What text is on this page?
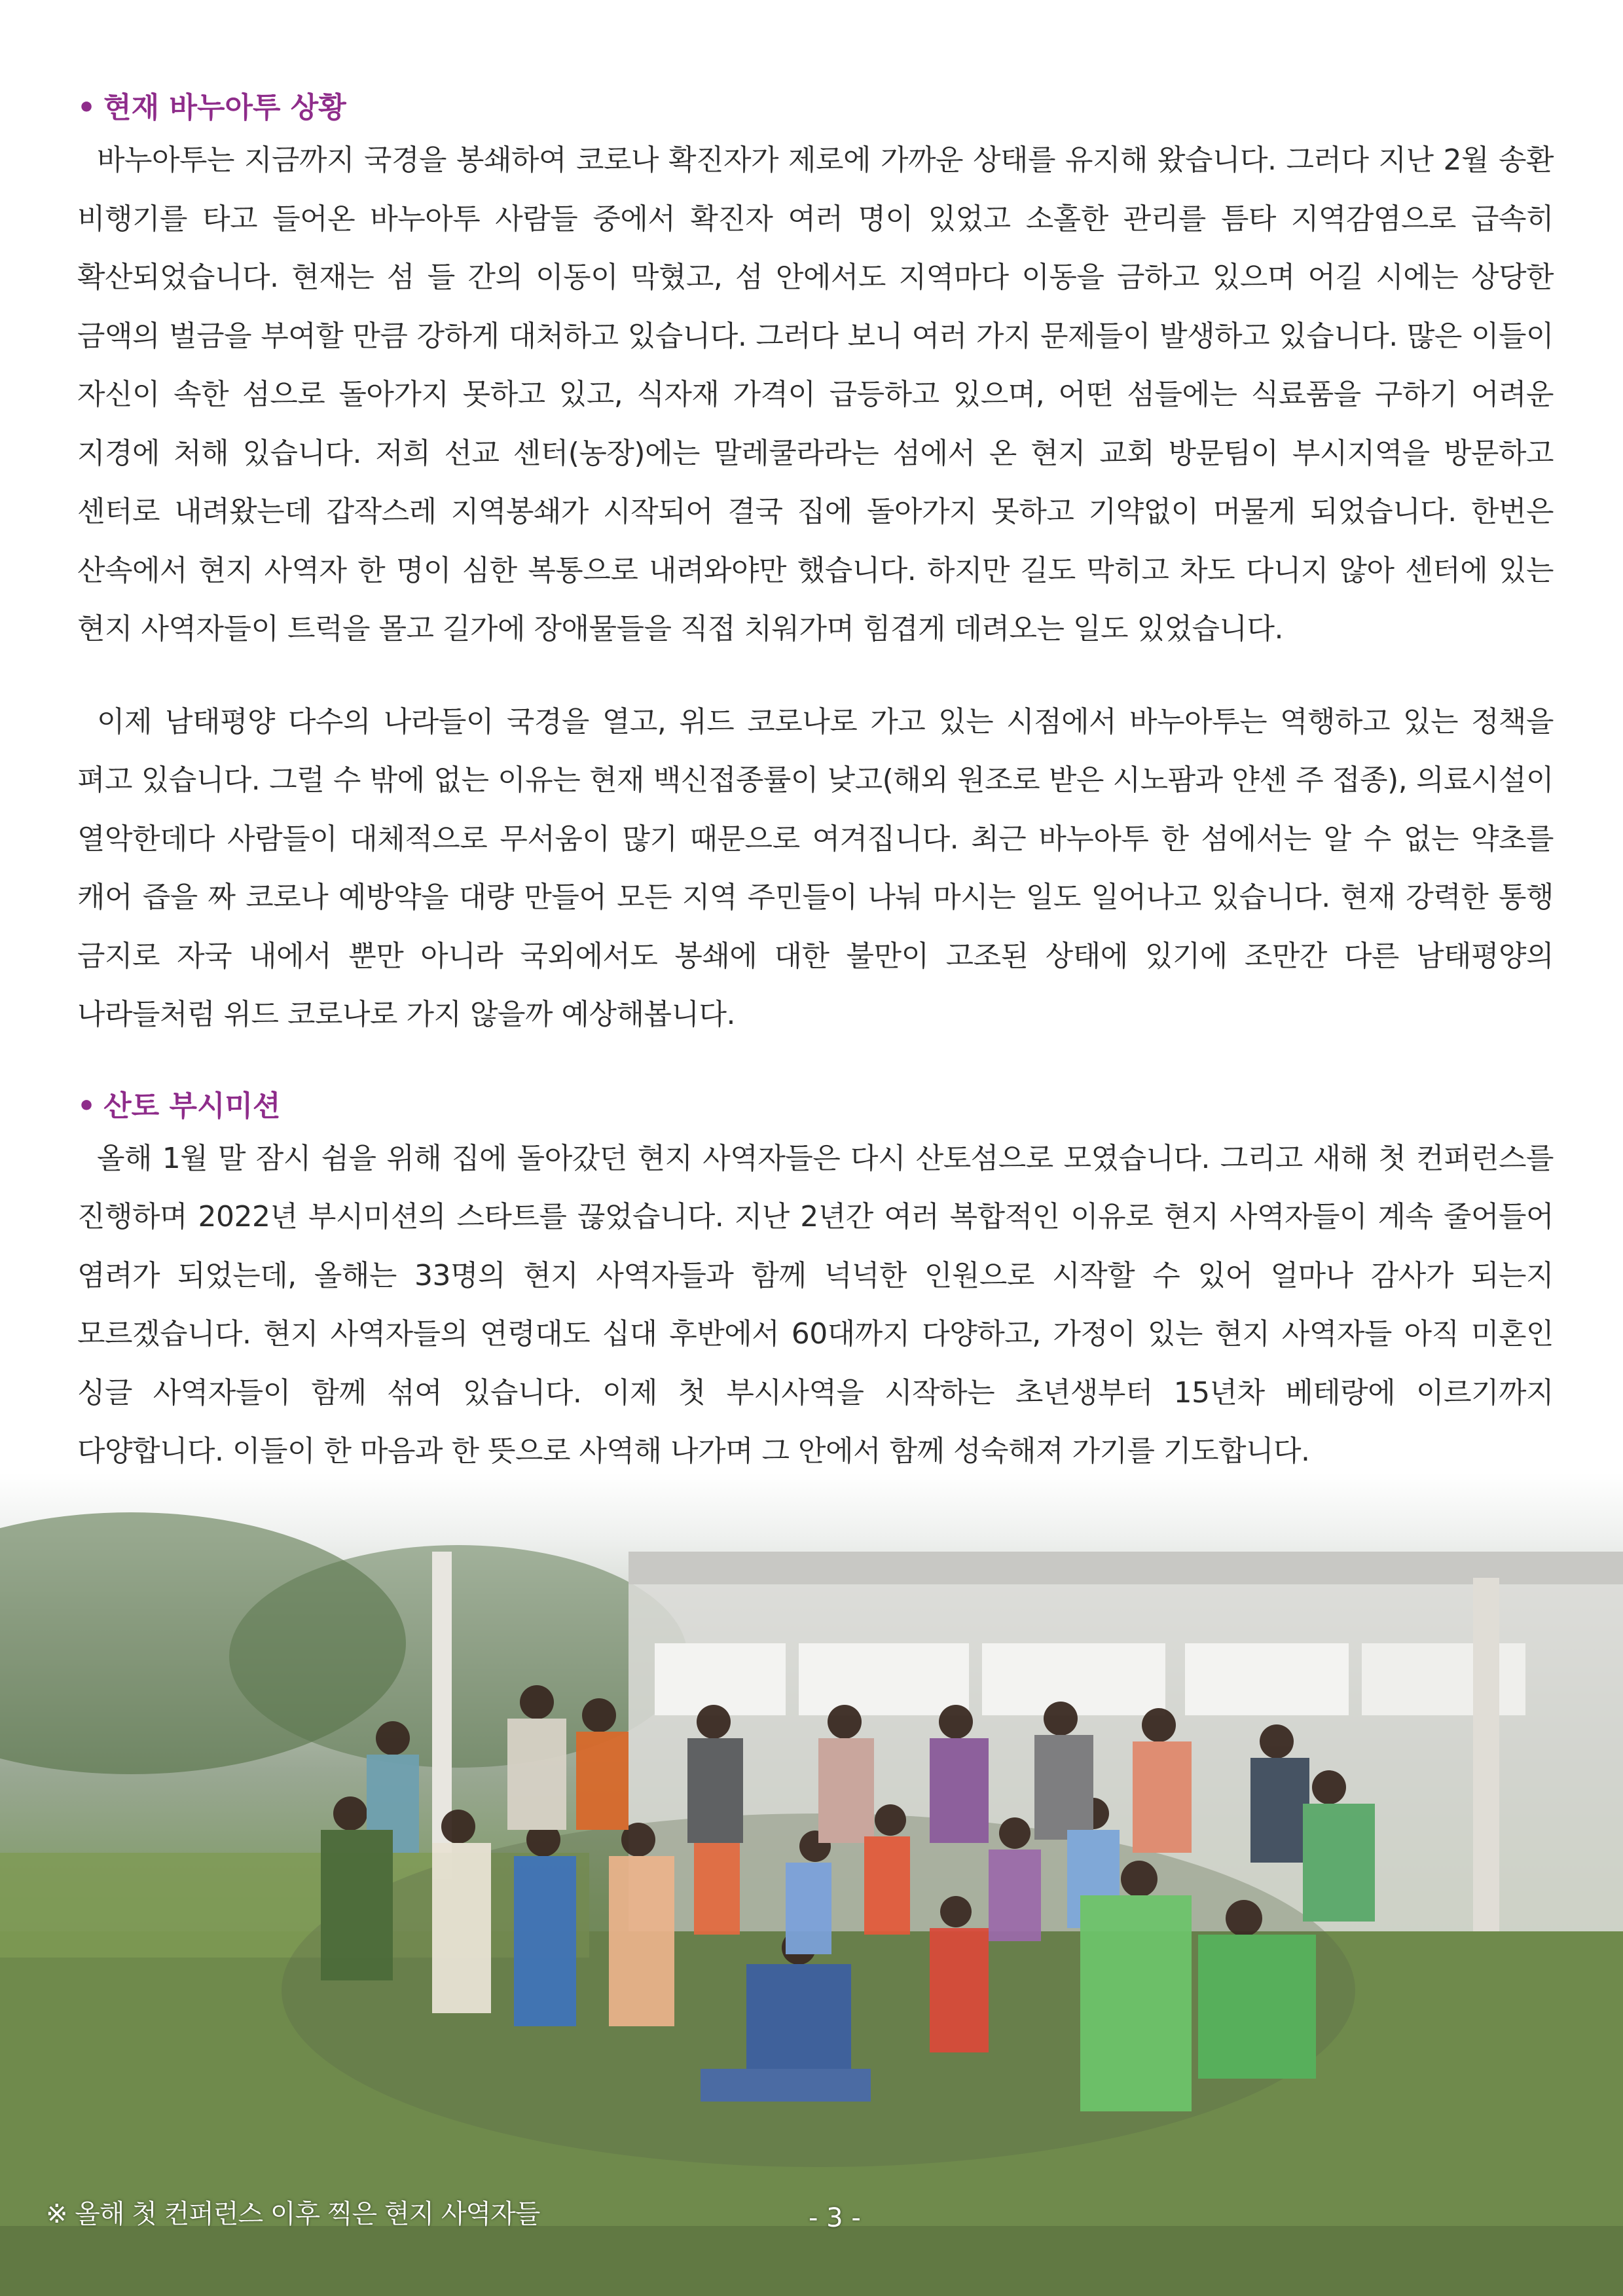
• 현재 바누아투 상황

바누아투는 지금까지 국경을 봉쇄하여 코로나 확진자가 제로에 가까운 상태를 유지해 왔습니다. 그러다 지난 2월 송환 비행기를 타고 들어온 바누아투 사람들 중에서 확진자 여러 명이 있었고 소홀한 관리를 틈타 지역감염으로 급속히 확산되었습니다. 현재는 섬 들 간의 이동이 막혔고, 섬 안에서도 지역마다 이동을 금하고 있으며 어길 시에는 상당한 금액의 벌금을 부여할 만큼 강하게 대처하고 있습니다. 그러다 보니 여러 가지 문제들이 발생하고 있습니다. 많은 이들이 자신이 속한 섬으로 돌아가지 못하고 있고, 식자재 가격이 급등하고 있으며, 어떤 섬들에는 식료품을 구하기 어려운 지경에 처해 있습니다. 저희 선교 센터(농장)에는 말레쿨라라는 섬에서 온 현지 교회 방문팀이 부시지역을 방문하고 센터로 내려왔는데 갑작스레 지역봉쇄가 시작되어 결국 집에 돌아가지 못하고 기약없이 머물게 되었습니다. 한번은 산속에서 현지 사역자 한 명이 심한 복통으로 내려와야만 했습니다. 하지만 길도 막히고 차도 다니지 않아 센터에 있는 현지 사역자들이 트럭을 몰고 길가에 장애물들을 직접 치워가며 힘겹게 데려오는 일도 있었습니다.

이제 남태평양 다수의 나라들이 국경을 열고, 위드 코로나로 가고 있는 시점에서 바누아투는 역행하고 있는 정책을 펴고 있습니다. 그럴 수 밖에 없는 이유는 현재 백신접종률이 낮고(해외 원조로 받은 시노팜과 얀센 주 접종), 의료시설이 열악한데다 사람들이 대체적으로 무서움이 많기 때문으로 여겨집니다. 최근 바누아투 한 섬에서는 알 수 없는 약초를 캐어 즙을 짜 코로나 예방약을 대량 만들어 모든 지역 주민들이 나눠 마시는 일도 일어나고 있습니다. 현재 강력한 통행 금지로 자국 내에서 뿐만 아니라 국외에서도 봉쇄에 대한 불만이 고조된 상태에 있기에 조만간 다른 남태평양의 나라들처럼 위드 코로나로 가지 않을까 예상해봅니다.

• 산토 부시미션

올해 1월 말 잠시 쉼을 위해 집에 돌아갔던 현지 사역자들은 다시 산토섬으로 모였습니다. 그리고 새해 첫 컨퍼런스를 진행하며 2022년 부시미션의 스타트를 끊었습니다. 지난 2년간 여러 복합적인 이유로 현지 사역자들이 계속 줄어들어 염려가 되었는데, 올해는 33명의 현지 사역자들과 함께 넉넉한 인원으로 시작할 수 있어 얼마나 감사가 되는지 모르겠습니다. 현지 사역자들의 연령대도 십대 후반에서 60대까지 다양하고, 가정이 있는 현지 사역자들 아직 미혼인 싱글 사역자들이 함께 섞여 있습니다. 이제 첫 부시사역을 시작하는 초년생부터 15년차 베테랑에 이르기까지 다양합니다. 이들이 한 마음과 한 뜻으로 사역해 나가며 그 안에서 함께 성숙해져 가기를 기도합니다.

※ 올해 첫 컨퍼런스 이후 찍은 현지 사역자들	- 3 -
